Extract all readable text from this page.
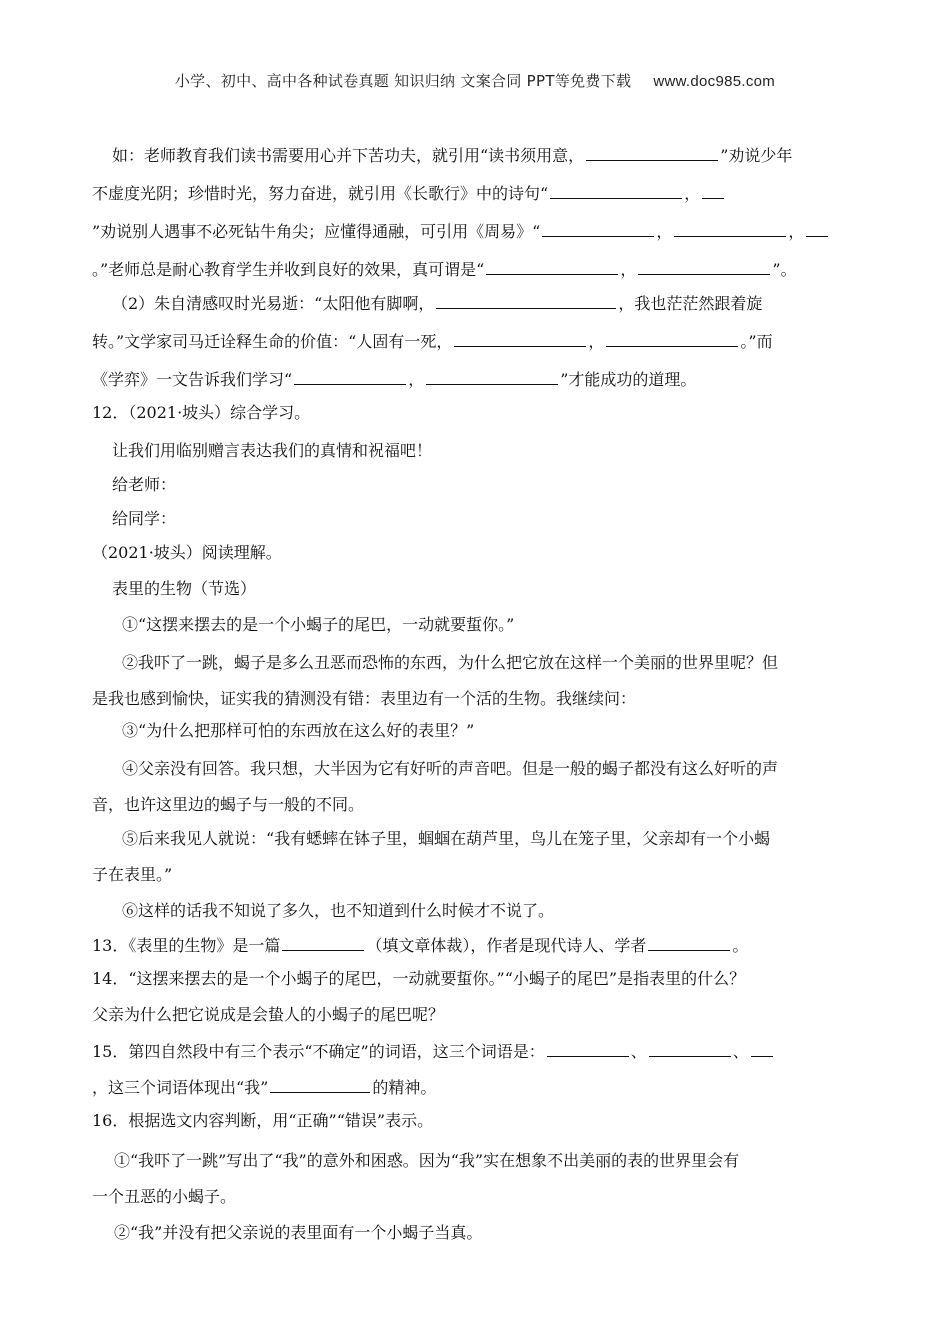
小学、初中、高中各种试卷真题 知识归纳 文案合同 PPT等免费下载 www.doc985.com
如：老师教育我们读书需要用心并下苦功夫，就引用“读书须用意，	”劝说少年
不虚度光阴；珍惜时光，努力奋进，就引用《长歌行》中的诗句“	，
”劝说别人遇事不必死钻牛角尖；应懂得通融，可引用《周易》“	，	，
。”老师总是耐心教育学生并收到良好的效果，真可谓是“	，	”。
（2）朱自清感叹时光易逝：“太阳他有脚啊，	，我也茫茫然跟着旋
转。”文学家司马迁诠释生命的价值：“人固有一死，	，	。”而
《学弈》一文告诉我们学习“	，	”才能成功的道理。
12．（2021·坡头）综合学习。
让我们用临别赠言表达我们的真情和祝福吧！
给老师：
给同学：
（2021·坡头）阅读理解。
表里的生物（节选）
①“这摆来摆去的是一个小蝎子的尾巴，一动就要蜇你。”
②我吓了一跳，蝎子是多么丑恶而恐怖的东西，为什么把它放在这样一个美丽的世界里呢？但
是我也感到愉快，证实我的猜测没有错：表里边有一个活的生物。我继续问：
③“为什么把那样可怕的东西放在这么好的表里？”
④父亲没有回答。我只想，大半因为它有好听的声音吧。但是一般的蝎子都没有这么好听的声
音，也许这里边的蝎子与一般的不同。
⑤后来我见人就说：“我有蟋蟀在钵子里，蝈蝈在葫芦里，鸟儿在笼子里，父亲却有一个小蝎
子在表里。”
⑥这样的话我不知说了多久，也不知道到什么时候才不说了。
13．《表里的生物》是一篇	（填文章体裁），作者是现代诗人、学者	。
14．“这摆来摆去的是一个小蝎子的尾巴，一动就要蜇你。”“小蝎子的尾巴”是指表里的什么？
父亲为什么把它说成是会蛰人的小蝎子的尾巴呢？
15．第四自然段中有三个表示“不确定”的词语，这三个词语是：	、	、
，这三个词语体现出“我”	的精神。
16．根据选文内容判断，用“正确”“错误”表示。
①“我吓了一跳”写出了“我”的意外和困惑。因为“我”实在想象不出美丽的表的世界里会有
一个丑恶的小蝎子。
②“我”并没有把父亲说的表里面有一个小蝎子当真。
